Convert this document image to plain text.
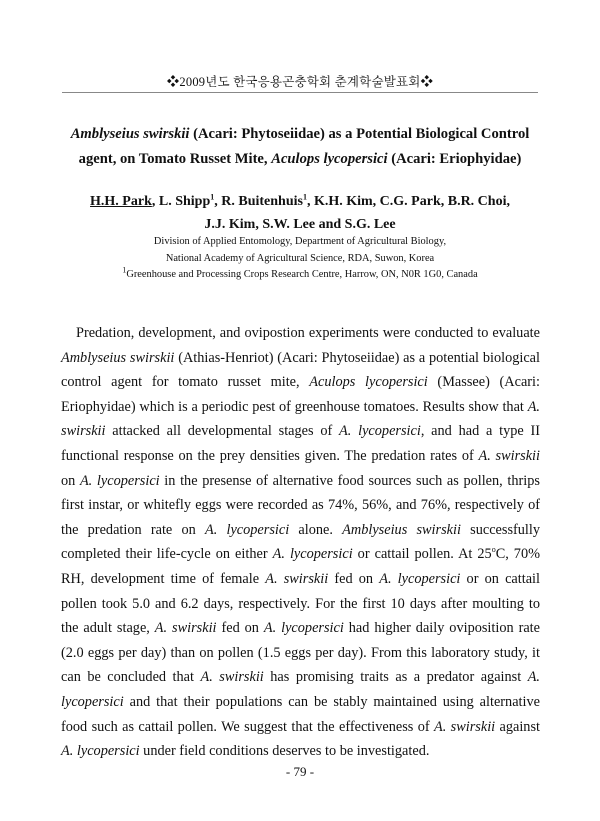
❖2009년도 한국응용곤충학회 춘계학술발표회❖
Amblyseius swirskii (Acari: Phytoseiidae) as a Potential Biological Control agent, on Tomato Russet Mite, Aculops lycopersici (Acari: Eriophyidae)
H.H. Park, L. Shipp$^1$, R. Buitenhuis$^1$, K.H. Kim, C.G. Park, B.R. Choi,
J.J. Kim, S.W. Lee and S.G. Lee
Division of Applied Entomology, Department of Agricultural Biology,
National Academy of Agricultural Science, RDA, Suwon, Korea
$^1$Greenhouse and Processing Crops Research Centre, Harrow, ON, N0R 1G0, Canada

Predation, development, and ovipostion experiments were conducted to evaluate Amblyseius swirskii (Athias-Henriot) (Acari: Phytoseiidae) as a potential biological control agent for tomato russet mite, Aculops lycopersici (Massee) (Acari: Eriophyidae) which is a periodic pest of greenhouse tomatoes. Results show that A. swirskii attacked all developmental stages of A. lycopersici, and had a type II functional response on the prey densities given. The predation rates of A. swirskii on A. lycopersici in the presense of alternative food sources such as pollen, thrips first instar, or whitefly eggs were recorded as 74%, 56%, and 76%, respectively of the predation rate on A. lycopersici alone. Amblyseius swirskii successfully completed their life-cycle on either A. lycopersici or cattail pollen. At 25$^o$C, 70% RH, development time of female A. swirskii fed on A. lycopersici or on cattail pollen took 5.0 and 6.2 days, respectively. For the first 10 days after moulting to the adult stage, A. swirskii fed on A. lycopersici had higher daily oviposition rate (2.0 eggs per day) than on pollen (1.5 eggs per day). From this laboratory study, it can be concluded that A. swirskii has promising traits as a predator against A. lycopersici and that their populations can be stably maintained using alternative food such as cattail pollen. We suggest that the effectiveness of A. swirskii against A. lycopersici under field conditions deserves to be investigated.

- 79 -
